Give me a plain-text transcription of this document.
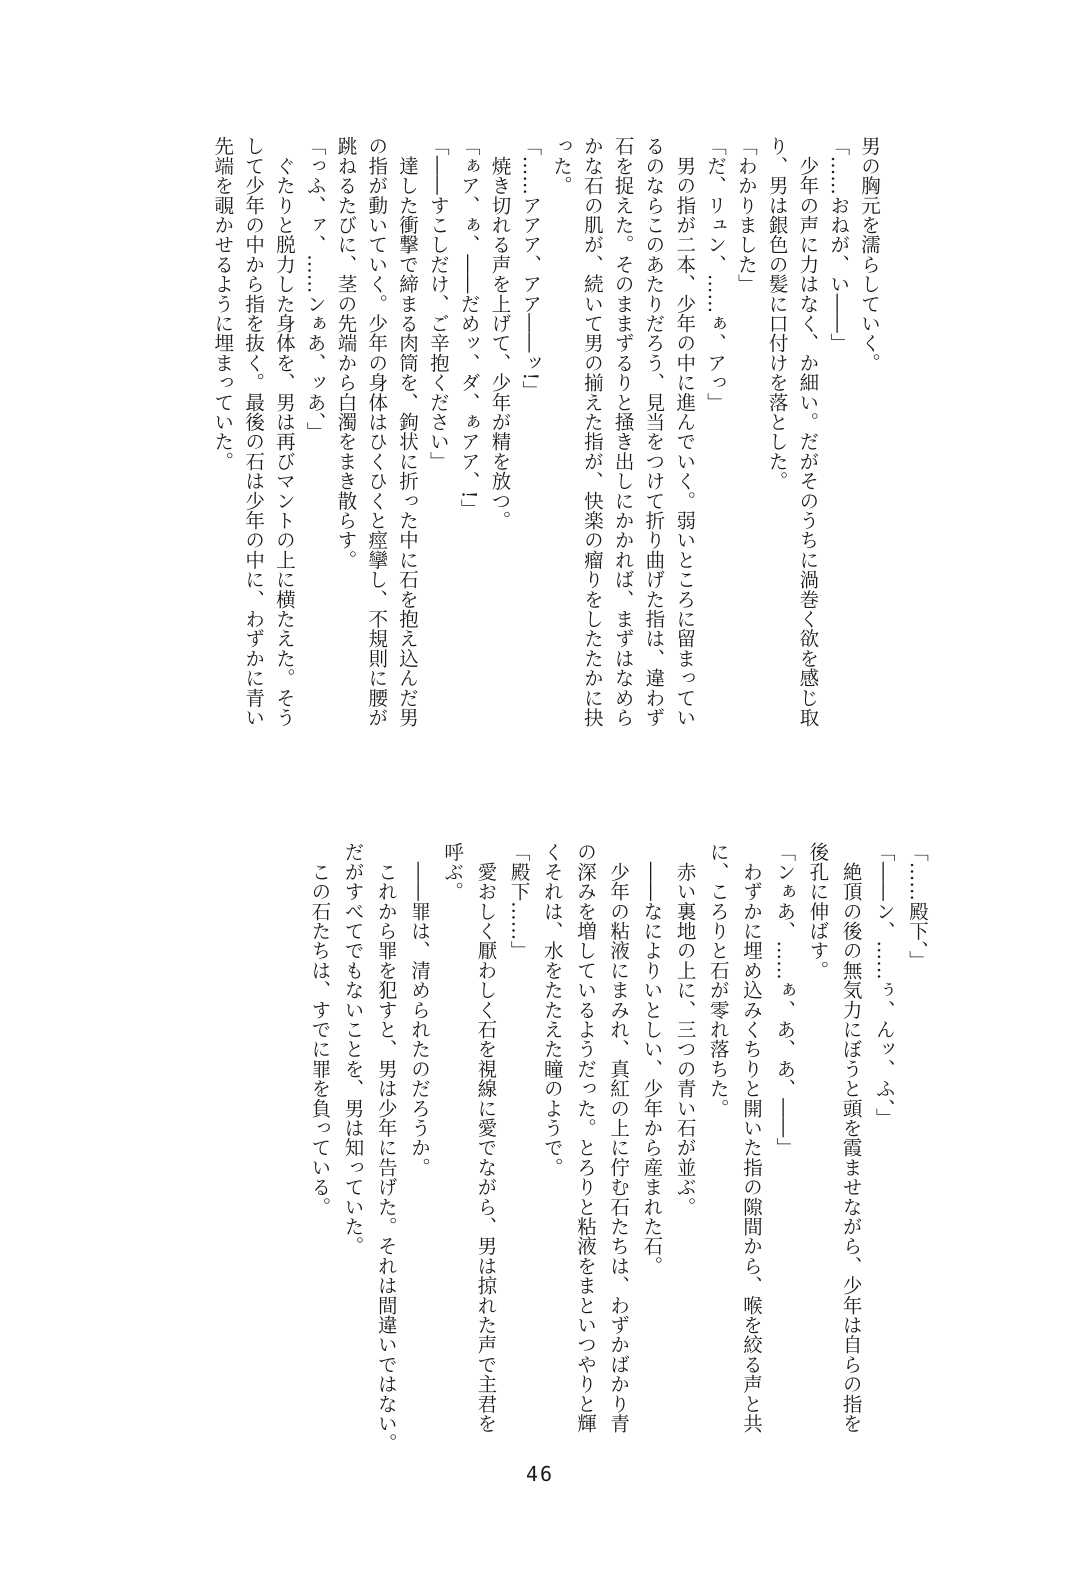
男の胸元を濡らしていく。
「……おねが、い――」
　少年の声に力はなく、か細い。だがそのうちに渦巻く欲を感じ取
り、男は銀色の髪に口付けを落とした。
「わかりました」
「だ、リュン、……ぁ、アっ」
　男の指が二本、少年の中に進んでいく。弱いところに留まってい
るのならこのあたりだろう、見当をつけて折り曲げた指は、違わず
石を捉えた。そのままずるりと掻き出しにかかれば、まずはなめら
かな石の肌が、続いて男の揃えた指が、快楽の瘤りをしたたかに抉
った。
「……アアア、アア――ッ!」
　焼き切れる声を上げて、少年が精を放つ。
「ぁア、ぁ、――だめッ、ダ、ぁアア、!」
「――すこしだけ、ご辛抱ください」
　達した衝撃で締まる肉筒を、鉤状に折った中に石を抱え込んだ男
の指が動いていく。少年の身体はひくひくと痙攣し、不規則に腰が
跳ねるたびに、茎の先端から白濁をまき散らす。
「っふ、ァ、……ンぁあ、ッあ、」
　ぐたりと脱力した身体を、男は再びマントの上に横たえた。そう
して少年の中から指を抜く。最後の石は少年の中に、わずかに青い
先端を覗かせるように埋まっていた。
「……殿下、」
「――ン、……ぅ、んッ、ふ、」
　絶頂の後の無気力にぼうと頭を霞ませながら、少年は自らの指を
後孔に伸ばす。
「ンぁあ、……ぁ、あ、あ、――」
　わずかに埋め込みくちりと開いた指の隙間から、喉を絞る声と共
に、ころりと石が零れ落ちた。
　赤い裏地の上に、三つの青い石が並ぶ。
　――なによりいとしい、少年から産まれた石。
　少年の粘液にまみれ、真紅の上に佇む石たちは、わずかばかり青
の深みを増しているようだった。とろりと粘液をまといつやりと輝
くそれは、水をたたえた瞳のようで。
「殿下……」
　愛おしく厭わしく石を視線に愛でながら、男は掠れた声で主君を
呼ぶ。
　――罪は、清められたのだろうか。
　これから罪を犯すと、男は少年に告げた。それは間違いではない。
だがすべてでもないことを、男は知っていた。
　この石たちは、すでに罪を負っている。
46
